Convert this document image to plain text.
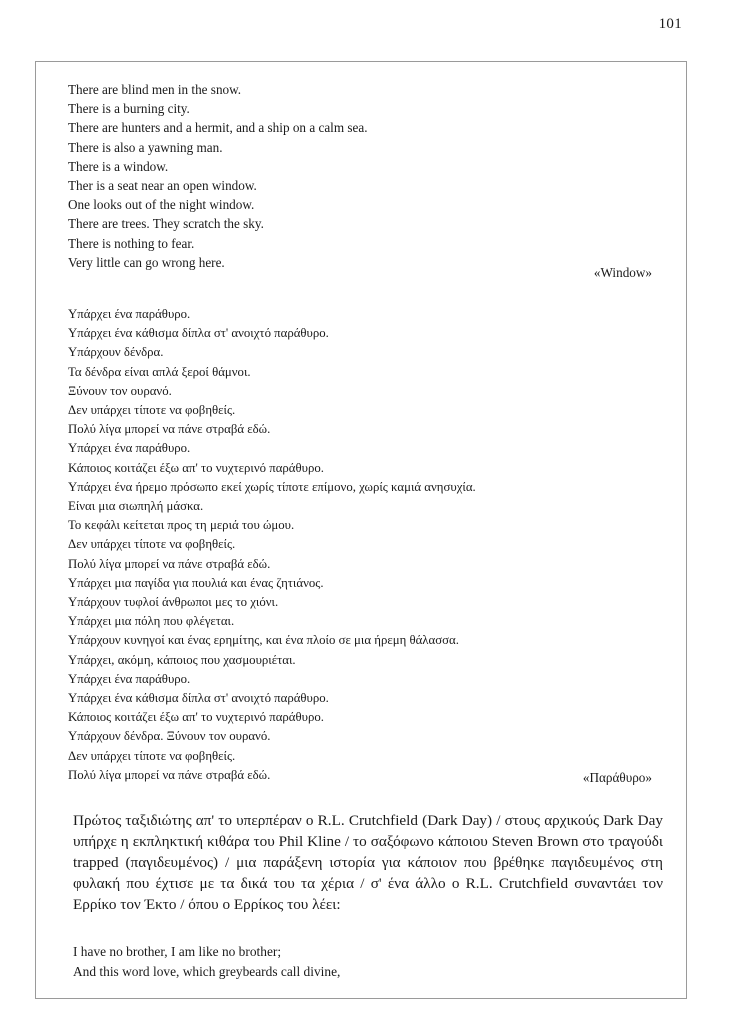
101
There are blind men in the snow.
There is a burning city.
There are hunters and a hermit, and a ship on a calm sea.
There is also a yawning man.
There is a window.
Ther is a seat near an open window.
One looks out of the night window.
There are trees. They scratch the sky.
There is nothing to fear.
Very little can go wrong here.
«Window»
Υπάρχει ένα παράθυρο.
Υπάρχει ένα κάθισμα δίπλα στ' ανοιχτό παράθυρο.
Υπάρχουν δένδρα.
Τα δένδρα είναι απλά ξεροί θάμνοι.
Ξύνουν τον ουρανό.
Δεν υπάρχει τίποτε να φοβηθείς.
Πολύ λίγα μπορεί να πάνε στραβά εδώ.
Υπάρχει ένα παράθυρο.
Κάποιος κοιτάζει έξω απ' το νυχτερινό παράθυρο.
Υπάρχει ένα ήρεμο πρόσωπο εκεί χωρίς τίποτε επίμονο, χωρίς καμιά ανησυχία.
Είναι μια σιωπηλή μάσκα.
Το κεφάλι κείτεται προς τη μεριά του ώμου.
Δεν υπάρχει τίποτε να φοβηθείς.
Πολύ λίγα μπορεί να πάνε στραβά εδώ.
Υπάρχει μια παγίδα για πουλιά και ένας ζητιάνος.
Υπάρχουν τυφλοί άνθρωποι μες το χιόνι.
Υπάρχει μια πόλη που φλέγεται.
Υπάρχουν κυνηγοί και ένας ερημίτης, και ένα πλοίο σε μια ήρεμη θάλασσα.
Υπάρχει, ακόμη, κάποιος που χασμουριέται.
Υπάρχει ένα παράθυρο.
Υπάρχει ένα κάθισμα δίπλα στ' ανοιχτό παράθυρο.
Κάποιος κοιτάζει έξω απ' το νυχτερινό παράθυρο.
Υπάρχουν δένδρα. Ξύνουν τον ουρανό.
Δεν υπάρχει τίποτε να φοβηθείς.
Πολύ λίγα μπορεί να πάνε στραβά εδώ.	«Παράθυρο»
Πρώτος ταξιδιώτης απ' το υπερπέραν ο R.L. Crutchfield (Dark Day) / στους αρχικούς Dark Day υπήρχε η εκπληκτική κιθάρα του Phil Kline / το σαξόφωνο κάποιου Steven Brown στο τραγούδι trapped (παγιδευμένος) / μια παράξενη ιστορία για κάποιον που βρέθηκε παγιδευμένος στη φυλακή που έχτισε με τα δικά του τα χέρια / σ' ένα άλλο ο R.L. Crutchfield συναντάει τον Ερρίκο τον Έκτο / όπου ο Ερρίκος του λέει:
I have no brother, I am like no brother;
And this word love, which greybeards call divine,
